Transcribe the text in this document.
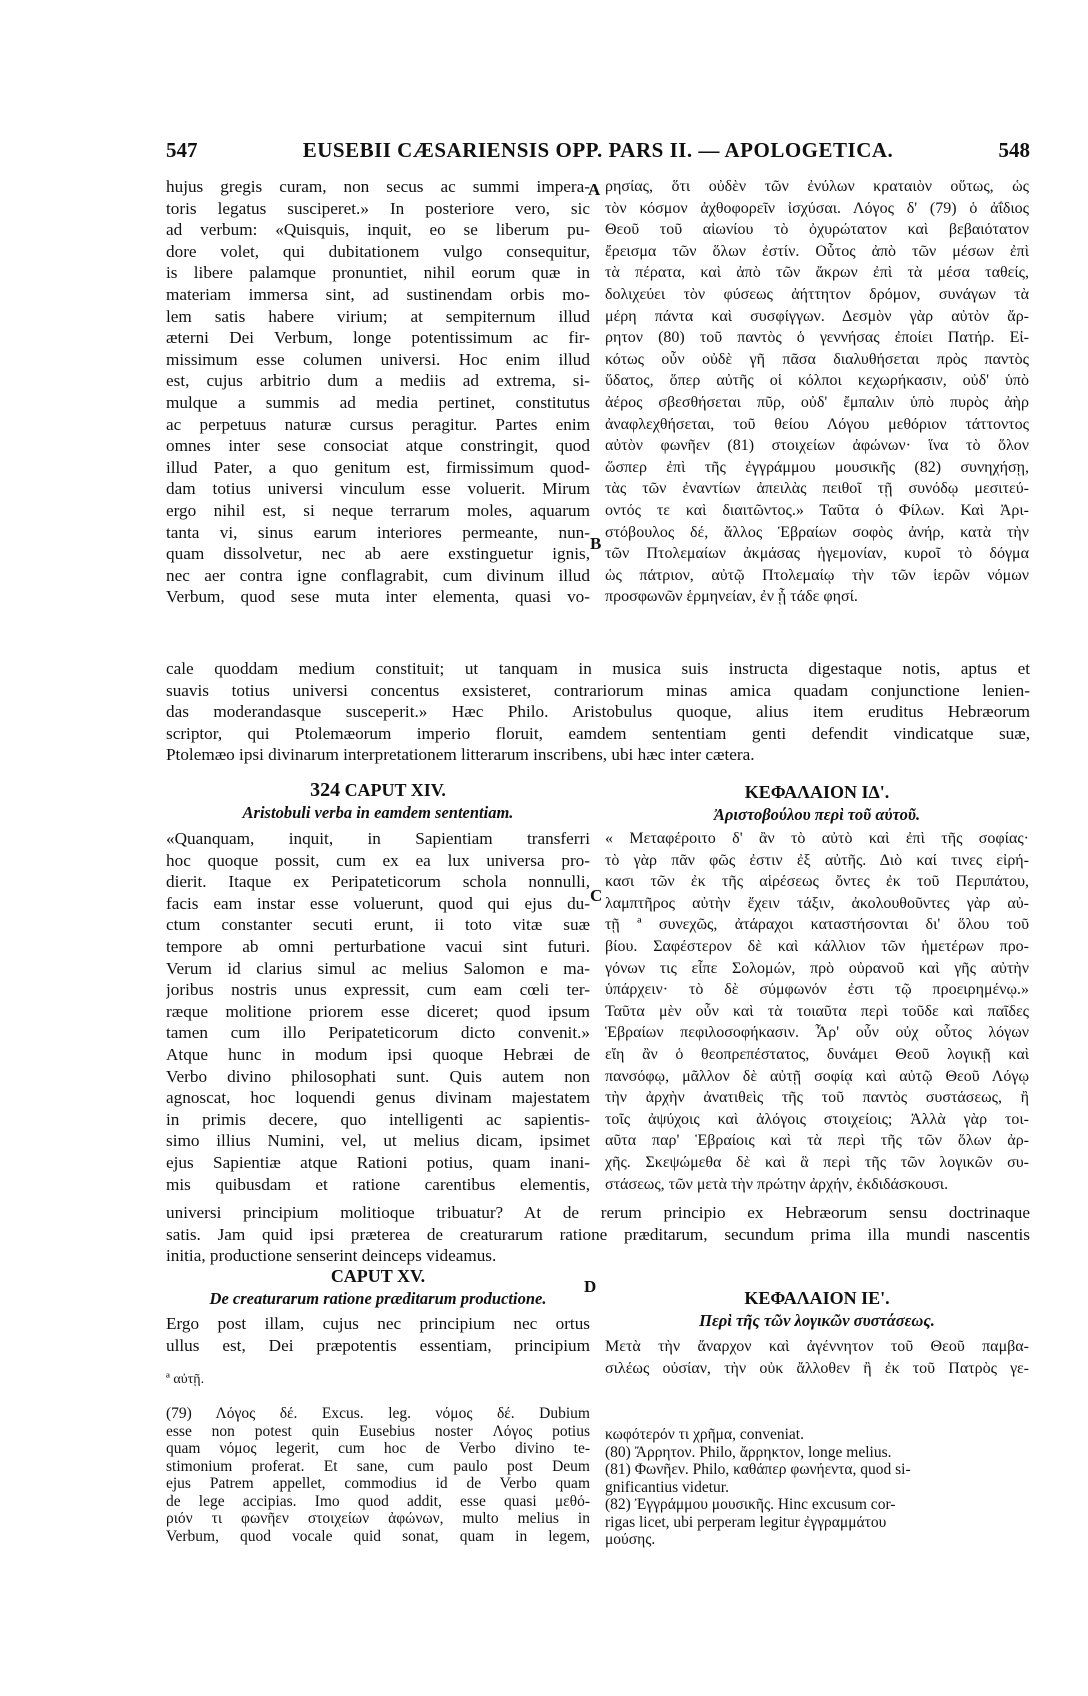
547	EUSEBII CÆSARIENSIS OPP. PARS II. — APOLOGETICA.	548
A
B
C
D
hujus gregis curam, non secus ac summi impera-
toris legatus susciperet.» In posteriore vero, sic
ad verbum: «Quisquis, inquit, eo se liberum pu-
dore volet, qui dubitationem vulgo consequitur,
is libere palamque pronuntiet, nihil eorum quæ in
materiam immersa sint, ad sustinendam orbis mo-
lem satis habere virium; at sempiternum illud
æterni Dei Verbum, longe potentissimum ac fir-
missimum esse columen universi. Hoc enim illud
est, cujus arbitrio dum a mediis ad extrema, si-
mulque a summis ad media pertinet, constitutus
ac perpetuus naturæ cursus peragitur. Partes enim
omnes inter sese consociat atque constringit, quod
illud Pater, a quo genitum est, firmissimum quod-
dam totius universi vinculum esse voluerit. Mirum
ergo nihil est, si neque terrarum moles, aquarum
tanta vi, sinus earum interiores permeante, nun-
quam dissolvetur, nec ab aere exstinguetur ignis,
nec aer contra igne conflagrabit, cum divinum illud
Verbum, quod sese muta inter elementa, quasi vo-
ρησίας, ὅτι οὐδὲν τῶν ἐνύλων κραταιὸν οὕτως, ὡς
τὸν κόσμον ἀχθοφορεῖν ἰσχύσαι. Λόγος δ' (79) ὁ ἀΐδιος
Θεοῦ τοῦ αἰωνίου τὸ ὀχυρώτατον καὶ βεβαιότατον
ἔρεισμα τῶν ὅλων ἐστίν. Οὗτος ἀπὸ τῶν μέσων ἐπὶ
τὰ πέρατα, καὶ ἀπὸ τῶν ἄκρων ἐπὶ τὰ μέσα ταθείς,
δολιχεύει τὸν φύσεως ἀήττητον δρόμον, συνάγων τὰ
μέρη πάντα καὶ συσφίγγων. Δεσμὸν γὰρ αὐτὸν ἄρ-
ρητον (80) τοῦ παντὸς ὁ γεννήσας ἐποίει Πατήρ. Εἰ-
κότως οὖν οὐδὲ γῆ πᾶσα διαλυθήσεται πρὸς παντὸς
ὕδατος, ὅπερ αὐτῆς οἱ κόλποι κεχωρήκασιν, οὐδ' ὑπὸ
ἀέρος σβεσθήσεται πῦρ, οὐδ' ἔμπαλιν ὑπὸ πυρὸς ἀὴρ
ἀναφλεχθήσεται, τοῦ θείου Λόγου μεθόριον τάττοντος
αὐτὸν φωνῆεν (81) στοιχείων ἀφώνων· ἵνα τὸ ὅλον
ὥσπερ ἐπὶ τῆς ἐγγράμμου μουσικῆς (82) συνηχήσῃ,
τὰς τῶν ἐναντίων ἀπειλὰς πειθοῖ τῇ συνόδῳ μεσιτεύ-
οντός τε καὶ διαιτῶντος.» Ταῦτα ὁ Φίλων. Καὶ Ἀρι-
στόβουλος δέ, ἄλλος Ἑβραίων σοφὸς ἀνήρ, κατὰ τὴν
τῶν Πτολεμαίων ἀκμάσας ἡγεμονίαν, κυροῖ τὸ δόγμα
ὡς πάτριον, αὐτῷ Πτολεμαίῳ τὴν τῶν ἱερῶν νόμων
προσφωνῶν ἑρμηνείαν, ἐν ᾗ τάδε φησί.
cale quoddam medium constituit; ut tanquam in musica suis instructa digestaque notis, aptus et
suavis totius universi concentus exsisteret, contrariorum minas amica quadam conjunctione lenien-
das moderandasque susceperit.» Hæc Philo. Aristobulus quoque, alius item eruditus Hebræorum
scriptor, qui Ptolemæorum imperio floruit, eamdem sententiam genti defendit vindicatque suæ,
Ptolemæo ipsi divinarum interpretationem litterarum inscribens, ubi hæc inter cætera.
324 CAPUT XIV.
Aristobuli verba in eamdem sententiam.
ΚΕΦΑΛΑΙΟΝ ΙΔ'.
Ἀριστοβούλου περὶ τοῦ αὐτοῦ.
«Quanquam, inquit, in Sapientiam transferri
hoc quoque possit, cum ex ea lux universa pro-
dierit. Itaque ex Peripateticorum schola nonnulli,
facis eam instar esse voluerunt, quod qui ejus du-
ctum constanter secuti erunt, ii toto vitæ suæ
tempore ab omni perturbatione vacui sint futuri.
Verum id clarius simul ac melius Salomon e ma-
joribus nostris unus expressit, cum eam cœli ter-
ræque molitione priorem esse diceret; quod ipsum
tamen cum illo Peripateticorum dicto convenit.»
Atque hunc in modum ipsi quoque Hebræi de
Verbo divino philosophati sunt. Quis autem non
agnoscat, hoc loquendi genus divinam majestatem
in primis decere, quo intelligenti ac sapientis-
simo illius Numini, vel, ut melius dicam, ipsimet
ejus Sapientiæ atque Rationi potius, quam inani-
mis quibusdam et ratione carentibus elementis,
« Μεταφέροιτο δ' ἂν τὸ αὐτὸ καὶ ἐπὶ τῆς σοφίας·
τὸ γὰρ πᾶν φῶς ἐστιν ἐξ αὐτῆς. Διὸ καί τινες εἰρή-
κασι τῶν ἐκ τῆς αἱρέσεως ὄντες ἐκ τοῦ Περιπάτου,
λαμπτῆρος αὐτὴν ἔχειν τάξιν, ἀκολουθοῦντες γὰρ αὐ-
τῇ ª συνεχῶς, ἀτάραχοι καταστήσονται δι' ὅλου τοῦ
βίου. Σαφέστερον δὲ καὶ κάλλιον τῶν ἡμετέρων προ-
γόνων τις εἶπε Σολομών, πρὸ οὐρανοῦ καὶ γῆς αὐτὴν
ὑπάρχειν· τὸ δὲ σύμφωνόν ἐστι τῷ προειρημένῳ.»
Ταῦτα μὲν οὖν καὶ τὰ τοιαῦτα περὶ τοῦδε καὶ παῖδες
Ἑβραίων πεφιλοσοφήκασιν. Ἆρ' οὖν οὐχ οὗτος λόγων
εἴη ἂν ὁ θεοπρεπέστατος, δυνάμει Θεοῦ λογικῇ καὶ
πανσόφῳ, μᾶλλον δὲ αὐτῇ σοφίᾳ καὶ αὐτῷ Θεοῦ Λόγῳ
τὴν ἀρχὴν ἀνατιθεὶς τῆς τοῦ παντὸς συστάσεως, ἢ
τοῖς ἀψύχοις καὶ ἀλόγοις στοιχείοις; Ἀλλὰ γὰρ τοι-
αῦτα παρ' Ἑβραίοις καὶ τὰ περὶ τῆς τῶν ὅλων ἀρ-
χῆς. Σκεψώμεθα δὲ καὶ ἃ περὶ τῆς τῶν λογικῶν συ-
στάσεως, τῶν μετὰ τὴν πρώτην ἀρχήν, ἐκδιδάσκουσι.
universi principium molitioque tribuatur? At de rerum principio ex Hebræorum sensu doctrinaque
satis. Jam quid ipsi præterea de creaturarum ratione præditarum, secundum prima illa mundi nascentis
initia, productione senserint deinceps videamus.
CAPUT XV.
De creaturarum ratione præditarum productione.	ΚΕΦΑΛΑΙΟΝ ΙΕ'.
Περὶ τῆς τῶν λογικῶν συστάσεως.
Ergo post illam, cujus nec principium nec ortus
ullus est, Dei præpotentis essentiam, principium Μετὰ τὴν ἄναρχον καὶ ἀγέννητον τοῦ Θεοῦ παμβα-
σιλέως οὐσίαν, τὴν οὐκ ἄλλοθεν ἢ ἐκ τοῦ Πατρὸς γε-
ª αὐτῇ.
(79) Λόγος δέ. Excus. leg. νόμος δέ. Dubium
esse non potest quin Eusebius noster Λόγος potius
quam νόμος legerit, cum hoc de Verbo divino te-
stimonium proferat. Et sane, cum paulo post Deum
ejus Patrem appellet, commodius id de Verbo quam
de lege accipias. Imo quod addit, esse quasi μεθό-
ριόν τι φωνῆεν στοιχείων ἀφώνων, multo melius in
Verbum, quod vocale quid sonat, quam in legem,
κωφότερόν τι χρῆμα, conveniat.
(80) Ἄρρητον. Philo, ἄρρηκτον, longe melius.
(81) Φωνῆεν. Philo, καθάπερ φωνήεντα, quod si-
gnificantius videtur.
(82) Ἐγγράμμου μουσικῆς. Hinc excusum cor-
rigas licet, ubi perperam legitur ἐγγραμμάτου
μούσης.
